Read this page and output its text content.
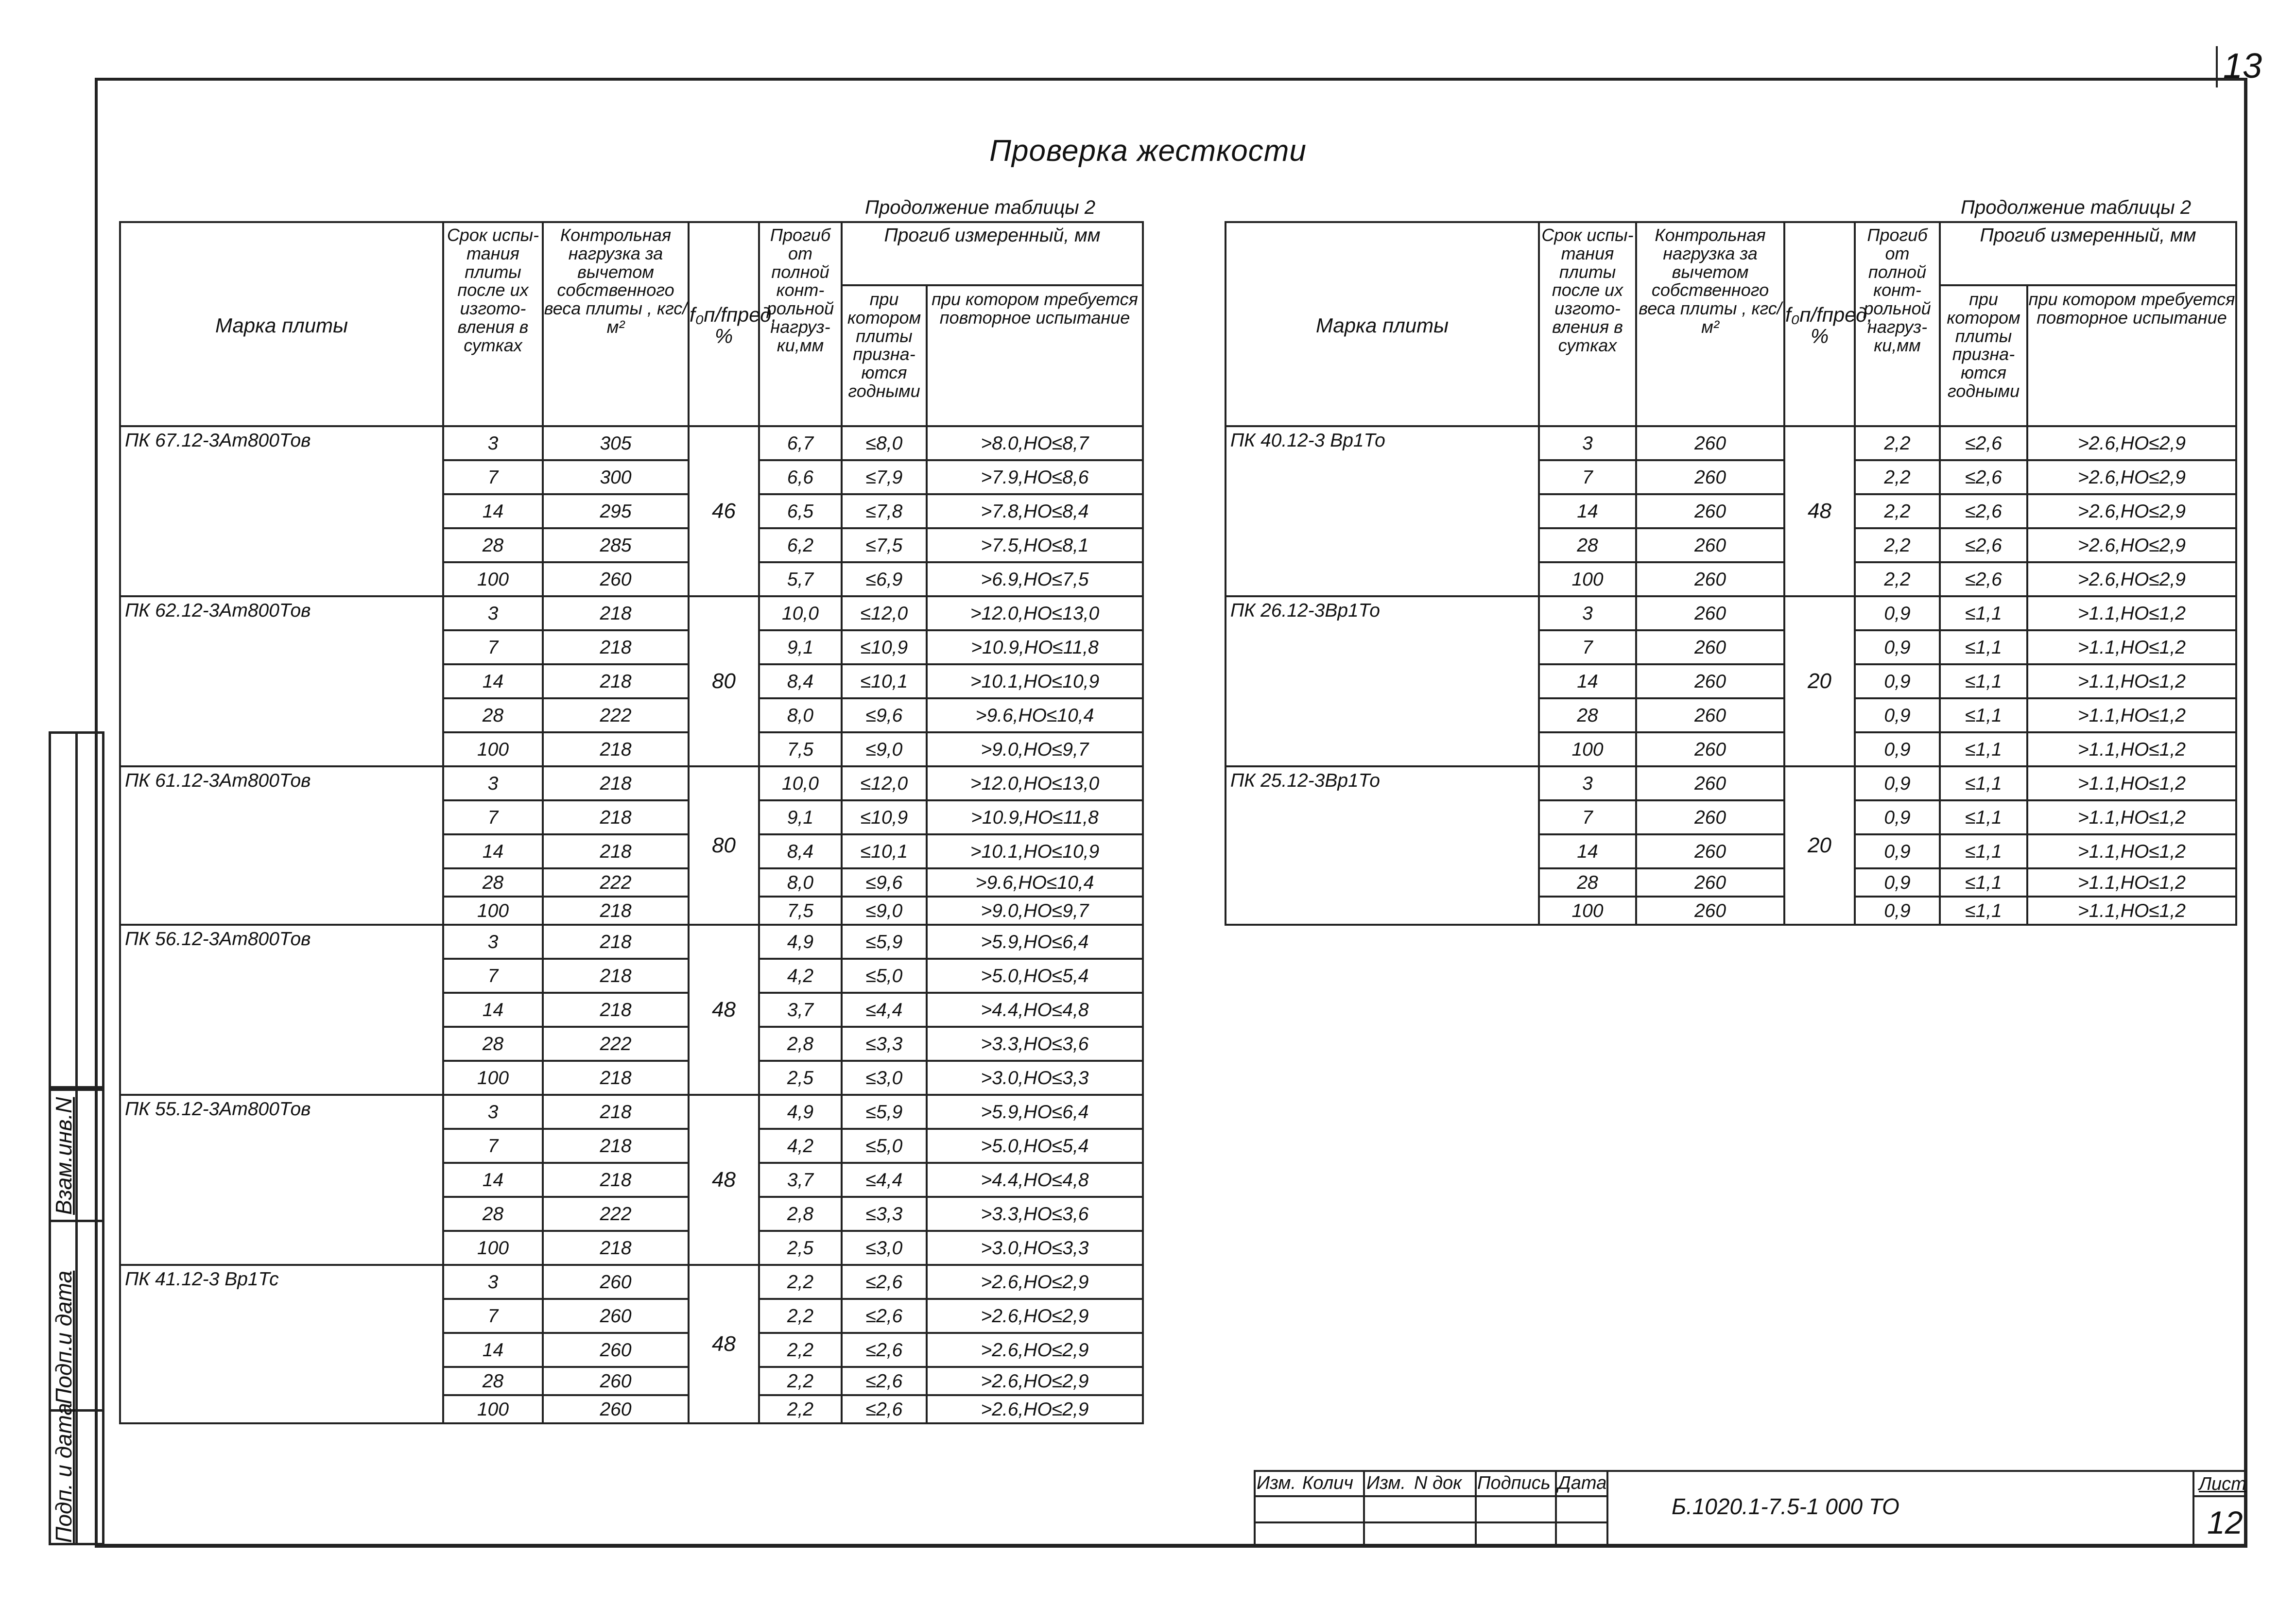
13
Проверка жесткости
Продолжение таблицы 2	Продолжение таблицы 2
Марка плиты	Срок испы- тания плиты после их изгото- вления в сутках	Контрольная нагрузка за вычетом собственного веса плиты , кгс/м²	f₀п/fпред, %	Прогиб от полной конт- рольной нагруз- ки,мм	Прогиб измеренный, мм	
					при котором плиты призна- ются годными	при котором требуется повторное испытание
ПК 67.12-3Ат800Тов	3	305	46	6,7	≤8,0	>8.0,НО≤8,7
	7	300		6,6	≤7,9	>7.9,НО≤8,6
	14	295		6,5	≤7,8	>7.8,НО≤8,4
	28	285		6,2	≤7,5	>7.5,НО≤8,1
	100	260		5,7	≤6,9	>6.9,НО≤7,5
ПК 62.12-3Ат800Тов	3	218	80	10,0	≤12,0	>12.0,НО≤13,0
	7	218		9,1	≤10,9	>10.9,НО≤11,8
	14	218		8,4	≤10,1	>10.1,НО≤10,9
	28	222		8,0	≤9,6	>9.6,НО≤10,4
	100	218		7,5	≤9,0	>9.0,НО≤9,7
ПК 61.12-3Ат800Тов	3	218	80	10,0	≤12,0	>12.0,НО≤13,0
	7	218		9,1	≤10,9	>10.9,НО≤11,8
	14	218		8,4	≤10,1	>10.1,НО≤10,9
	28	222		8,0	≤9,6	>9.6,НО≤10,4
	100	218		7,5	≤9,0	>9.0,НО≤9,7
ПК 56.12-3Ат800Тов	3	218	48	4,9	≤5,9	>5.9,НО≤6,4
	7	218		4,2	≤5,0	>5.0,НО≤5,4
	14	218		3,7	≤4,4	>4.4,НО≤4,8
	28	222		2,8	≤3,3	>3.3,НО≤3,6
	100	218		2,5	≤3,0	>3.0,НО≤3,3
ПК 55.12-3Ат800Тов	3	218	48	4,9	≤5,9	>5.9,НО≤6,4
	7	218		4,2	≤5,0	>5.0,НО≤5,4
	14	218		3,7	≤4,4	>4.4,НО≤4,8
	28	222		2,8	≤3,3	>3.3,НО≤3,6
	100	218		2,5	≤3,0	>3.0,НО≤3,3
ПК 41.12-3 Вр1Тс	3	260	48	2,2	≤2,6	>2.6,НО≤2,9
	7	260		2,2	≤2,6	>2.6,НО≤2,9
	14	260		2,2	≤2,6	>2.6,НО≤2,9
	28	260		2,2	≤2,6	>2.6,НО≤2,9
	100	260		2,2	≤2,6	>2.6,НО≤2,9
Марка плиты	Срок испы- тания плиты после их изгото- вления в сутках	Контрольная нагрузка за вычетом собственного веса плиты , кгс/м²	f₀п/fпред, %	Прогиб от полной конт- рольной нагруз- ки,мм	Прогиб измеренный, мм	
					при котором плиты призна- ются годными	при котором требуется повторное испытание
ПК 40.12-3 Вр1То	3	260	48	2,2	≤2,6	>2.6,НО≤2,9
	7	260		2,2	≤2,6	>2.6,НО≤2,9
	14	260		2,2	≤2,6	>2.6,НО≤2,9
	28	260		2,2	≤2,6	>2.6,НО≤2,9
	100	260		2,2	≤2,6	>2.6,НО≤2,9
ПК 26.12-3Вр1То	3	260	20	0,9	≤1,1	>1.1,НО≤1,2
	7	260		0,9	≤1,1	>1.1,НО≤1,2
	14	260		0,9	≤1,1	>1.1,НО≤1,2
	28	260		0,9	≤1,1	>1.1,НО≤1,2
	100	260		0,9	≤1,1	>1.1,НО≤1,2
ПК 25.12-3Вр1То	3	260	20	0,9	≤1,1	>1.1,НО≤1,2
	7	260		0,9	≤1,1	>1.1,НО≤1,2
	14	260		0,9	≤1,1	>1.1,НО≤1,2
	28	260		0,9	≤1,1	>1.1,НО≤1,2
	100	260		0,9	≤1,1	>1.1,НО≤1,2
Взам.инв.N
Подп.и дата
Подп. и дата	Изм. Колич Изм. N док Подпись Дата
Б.1020.1-7.5-1 000 ТО
Лист
12
